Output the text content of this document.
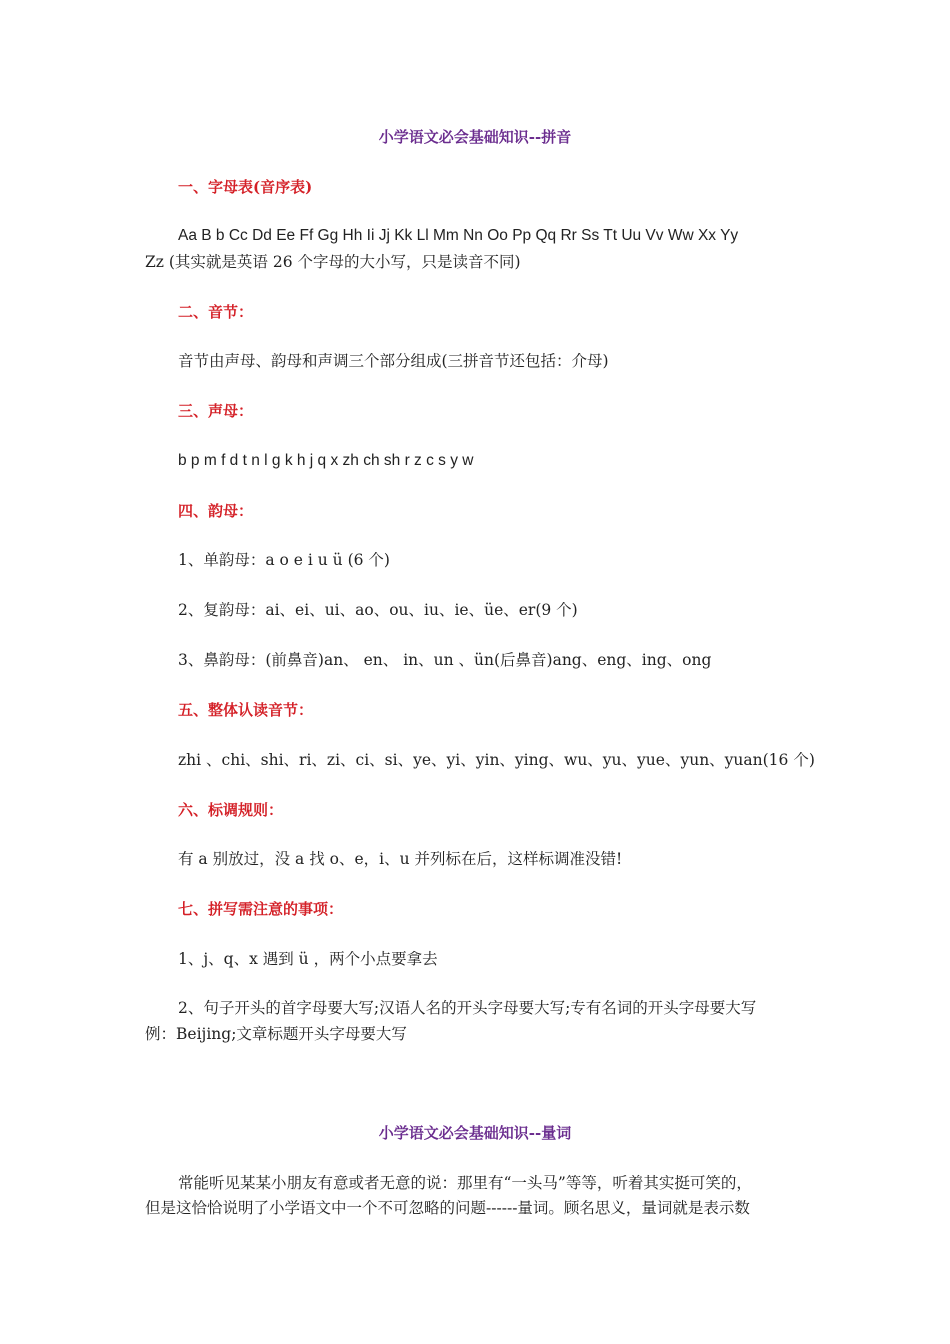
小学语文必会基础知识--拼音
一、字母表(音序表)
Aa B b Cc Dd Ee Ff Gg Hh Ii Jj Kk Ll Mm Nn Oo Pp Qq Rr Ss Tt Uu Vv Ww Xx Yy
Zz (其实就是英语 26 个字母的大小写，只是读音不同)
二、音节：
音节由声母、韵母和声调三个部分组成(三拼音节还包括：介母)
三、声母：
b p m f d t n l g k h j q x zh ch sh r z c s y w
四、韵母：
1、单韵母：a o e i u ü (6 个)
2、复韵母：ai、ei、ui、ao、ou、iu、ie、üe、er(9 个)
3、鼻韵母：(前鼻音)an、 en、 in、un 、ün(后鼻音)ang、eng、ing、ong
五、整体认读音节：
zhi 、chi、shi、ri、zi、ci、si、ye、yi、yin、ying、wu、yu、yue、yun、yuan(16 个)
六、标调规则：
有 a 别放过，没 a 找 o、e，i、u 并列标在后，这样标调准没错!
七、拼写需注意的事项：
1、j、q、x 遇到 ü ，两个小点要拿去
2、句子开头的首字母要大写;汉语人名的开头字母要大写;专有名词的开头字母要大写
例：Beijing;文章标题开头字母要大写
小学语文必会基础知识--量词
常能听见某某小朋友有意或者无意的说：那里有“一头马”等等，听着其实挺可笑的，
但是这恰恰说明了小学语文中一个不可忽略的问题------量词。顾名思义，量词就是表示数
